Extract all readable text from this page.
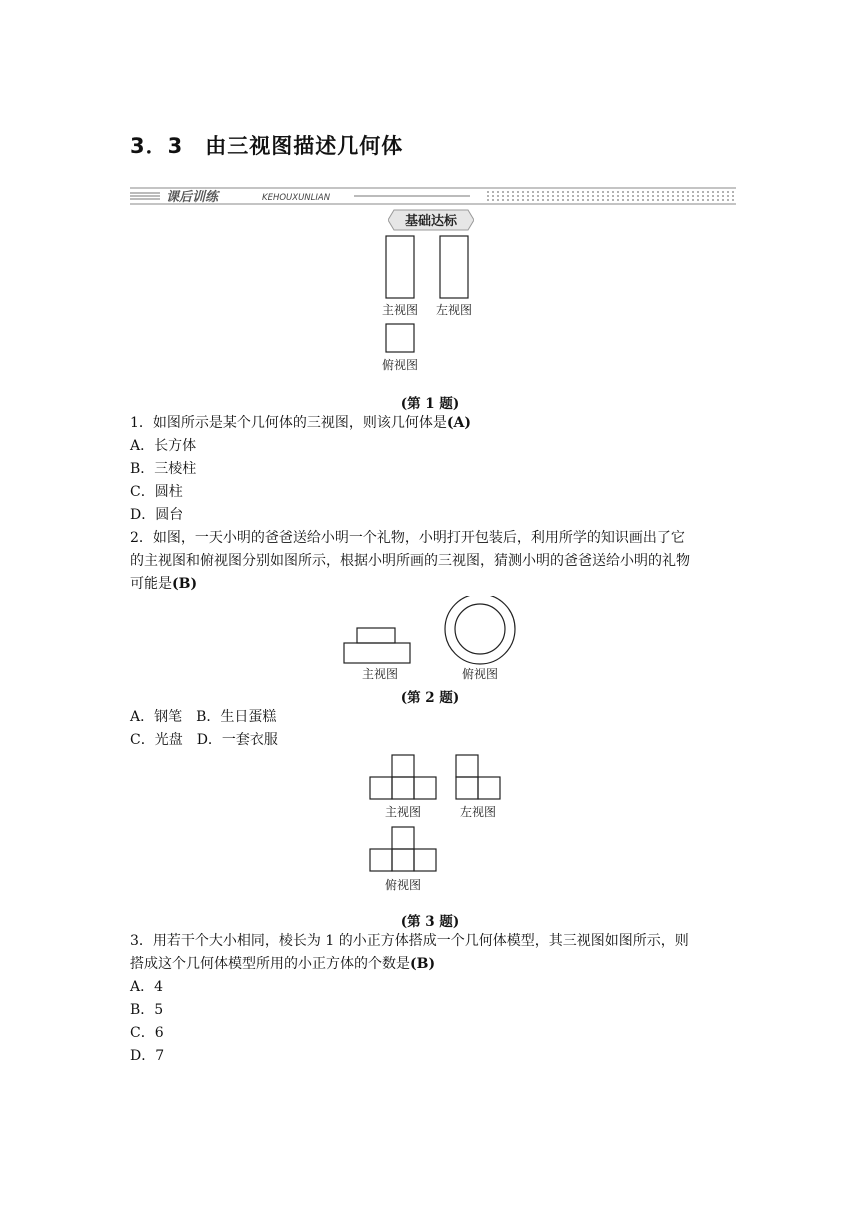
3．3　由三视图描述几何体
课后训练	KEHOUXUNLIAN
基础达标
主视图 左视图
俯视图
(第 1 题)
1．如图所示是某个几何体的三视图，则该几何体是(A)
A．长方体
B．三棱柱
C．圆柱
D．圆台
2．如图，一天小明的爸爸送给小明一个礼物，小明打开包装后，利用所学的知识画出了它
的主视图和俯视图分别如图所示，根据小明所画的三视图，猜测小明的爸爸送给小明的礼物
可能是(B)
主视图	俯视图
(第 2 题)
A．钢笔　B．生日蛋糕
C．光盘　D．一套衣服
主视图	左视图
俯视图
(第 3 题)
3．用若干个大小相同，棱长为 1 的小正方体搭成一个几何体模型，其三视图如图所示，则
搭成这个几何体模型所用的小正方体的个数是(B)
A．4
B．5
C．6
D．7
